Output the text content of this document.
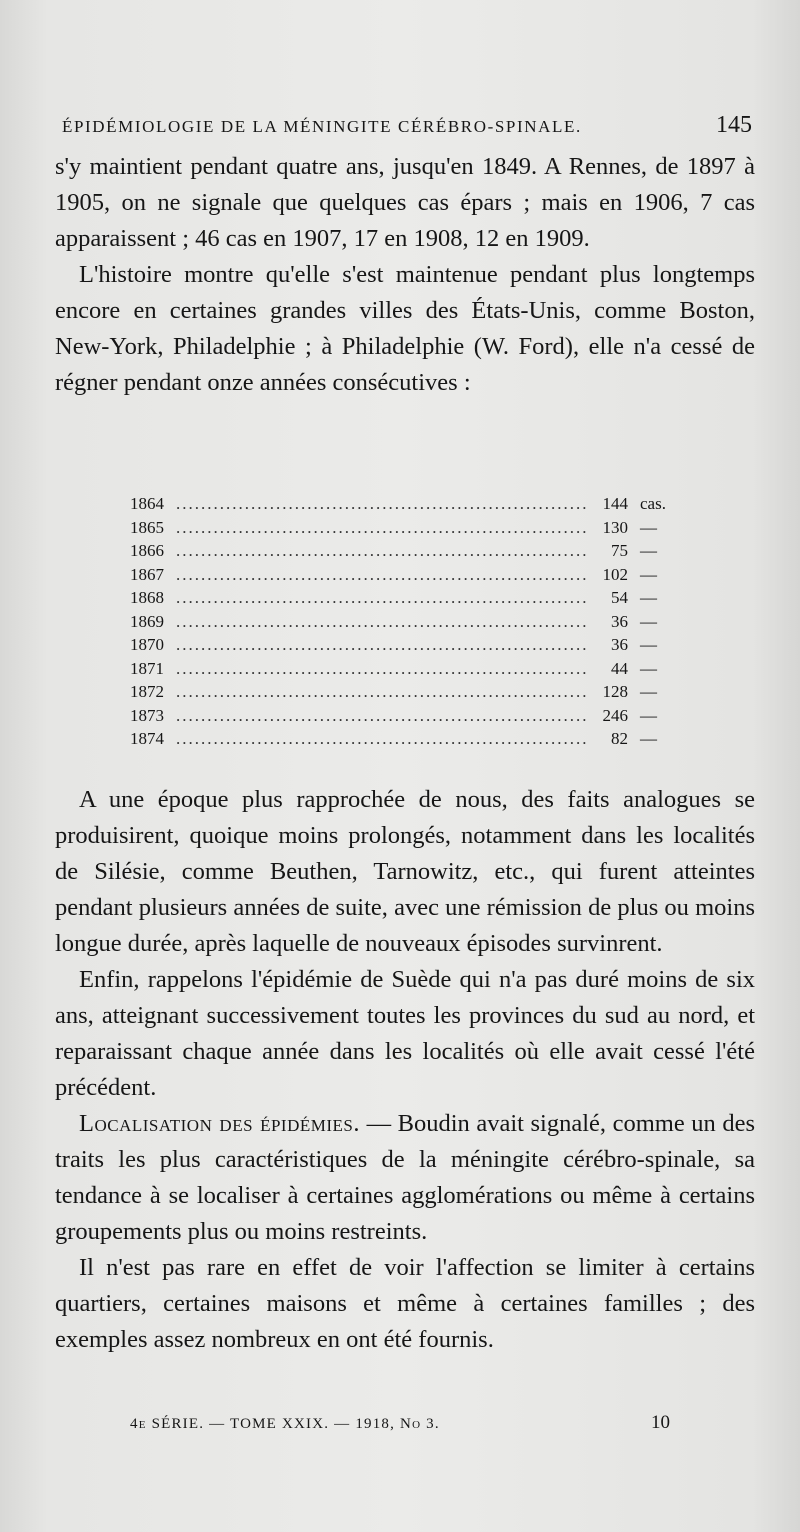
ÉPIDÉMIOLOGIE DE LA MÉNINGITE CÉRÉBRO-SPINALE.	145

s'y maintient pendant quatre ans, jusqu'en 1849. A Rennes, de 1897 à 1905, on ne signale que quelques cas épars ; mais en 1906, 7 cas apparaissent ; 46 cas en 1907, 17 en 1908, 12 en 1909.

L'histoire montre qu'elle s'est maintenue pendant plus longtemps encore en certaines grandes villes des États-Unis, comme Boston, New-York, Philadelphie ; à Philadelphie (W. Ford), elle n'a cessé de régner pendant onze années consécutives :

1864 .....	144 cas.
1865 .....	130 —
1866 .....	75 —
1867 .....	102 —
1868 .....	54 —
1869 .....	36 —
1870 .....	36 —
1871 .....	44 —
1872 .....	128 —
1873 .....	246 —
1874 .....	82 —

A une époque plus rapprochée de nous, des faits analogues se produisirent, quoique moins prolongés, notamment dans les localités de Silésie, comme Beuthen, Tarnowitz, etc., qui furent atteintes pendant plusieurs années de suite, avec une rémission de plus ou moins longue durée, après laquelle de nouveaux épisodes survinrent.

Enfin, rappelons l'épidémie de Suède qui n'a pas duré moins de six ans, atteignant successivement toutes les provinces du sud au nord, et reparaissant chaque année dans les localités où elle avait cessé l'été précédent.

Localisation des épidémies. — Boudin avait signalé, comme un des traits les plus caractéristiques de la méningite cérébro-spinale, sa tendance à se localiser à certaines agglomérations ou même à certains groupements plus ou moins restreints.

Il n'est pas rare en effet de voir l'affection se limiter à certains quartiers, certaines maisons et même à certaines familles ; des exemples assez nombreux en ont été fournis.

4e SÉRIE. — TOME XXIX. — 1918, No 3.	10
